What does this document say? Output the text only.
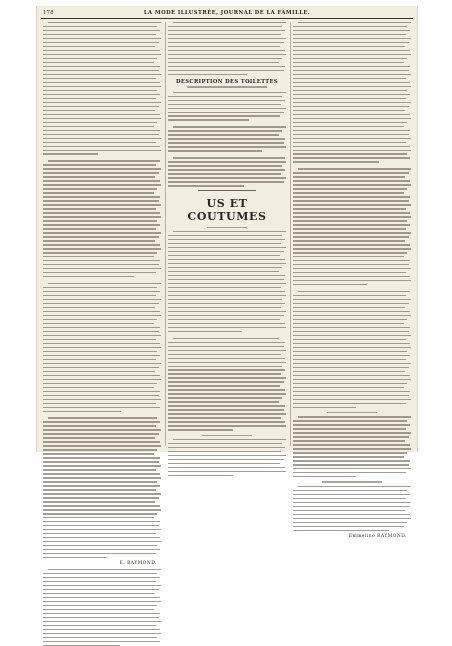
178	LA MODE ILLUSTRÉE, JOURNAL DE LA FAMILLE.
E. RAYMOND.
DESCRIPTION DES TOILETTES
US ET COUTUMES
Emmeline RAYMOND.
